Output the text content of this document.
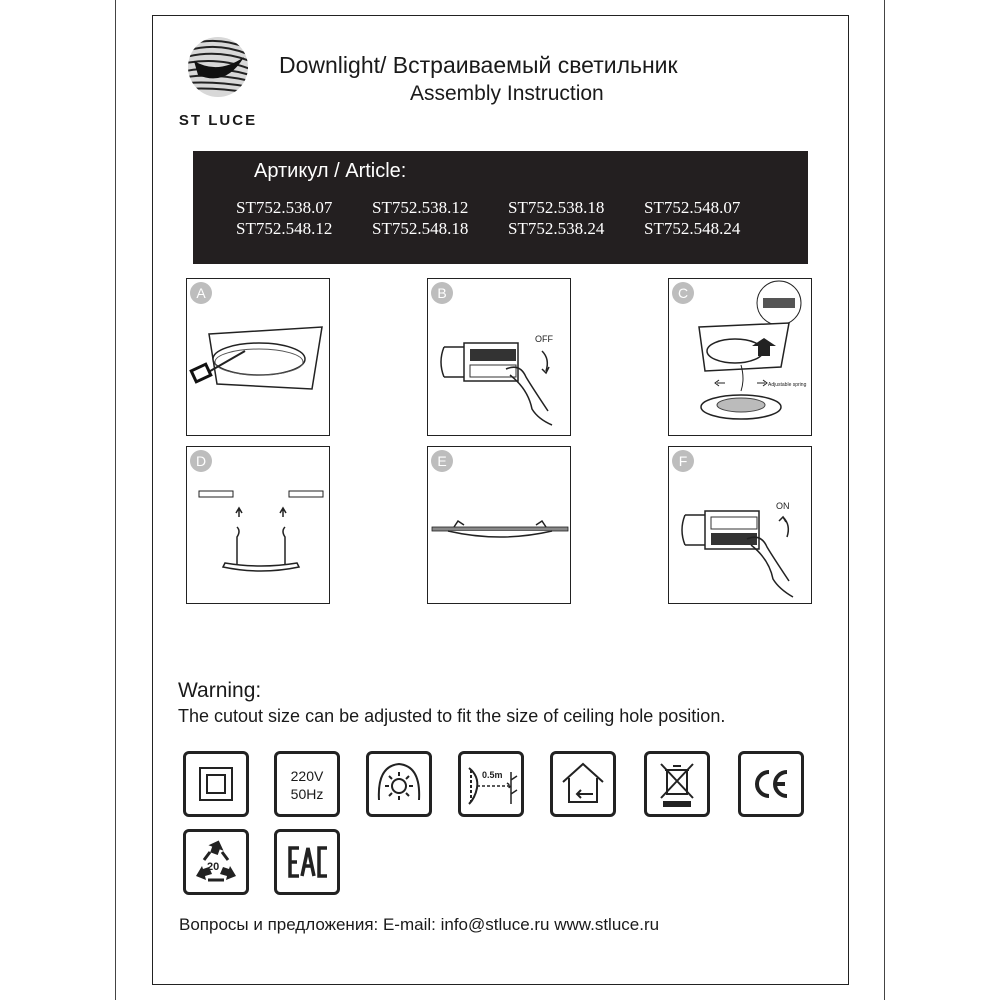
ST LUCE
Downlight/ Встраиваемый светильник
Assembly Instruction
Артикул / Article:
ST752.538.07	ST752.538.12	ST752.538.18	ST752.548.07
ST752.548.12	ST752.548.18	ST752.538.24	ST752.548.24
A
OFF
B
Adjustable spring
C
D	E
ON
F
Warning:
The cutout size can be adjusted to fit the size of ceiling hole position.
220V
50Hz
0.5m
20
Вопросы и предложения: E-mail: info@stluce.ru www.stluce.ru
